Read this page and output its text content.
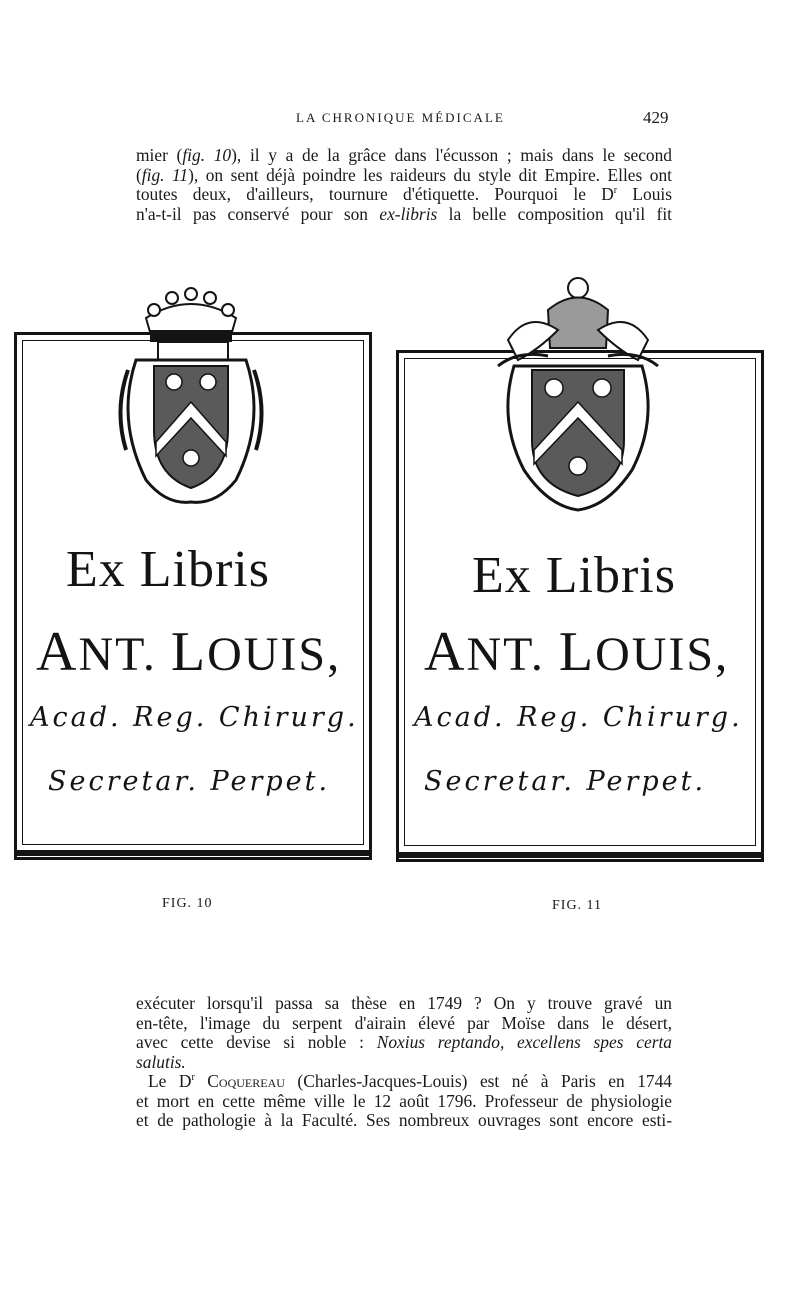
LA CHRONIQUE MÉDICALE	429
mier (fig. 10), il y a de la grâce dans l'écusson ; mais dans le second
(fig. 11), on sent déjà poindre les raideurs du style dit Empire. Elles ont
toutes deux, d'ailleurs, tournure d'étiquette. Pourquoi le $D^r$ Louis
n'a-t-il pas conservé pour son ex-libris la belle composition qu'il fit
Ex Libris
ANT. LOUIS,
Acad. Reg. Chirurg.
Secretar. Perpet.
FIG. 10
Ex Libris
ANT. LOUIS,
Acad. Reg. Chirurg.
Secretar. Perpet.
FIG. 11
exécuter lorsqu'il passa sa thèse en 1749 ? On y trouve gravé un
en-tête, l'image du serpent d'airain élevé par Moïse dans le désert,
avec cette devise si noble : Noxius reptando, excellens spes certa
salutis.
Le $D^r$ Coquereau (Charles-Jacques-Louis) est né à Paris en 1744
et mort en cette même ville le 12 août 1796. Professeur de physiologie
et de pathologie à la Faculté. Ses nombreux ouvrages sont encore esti-
